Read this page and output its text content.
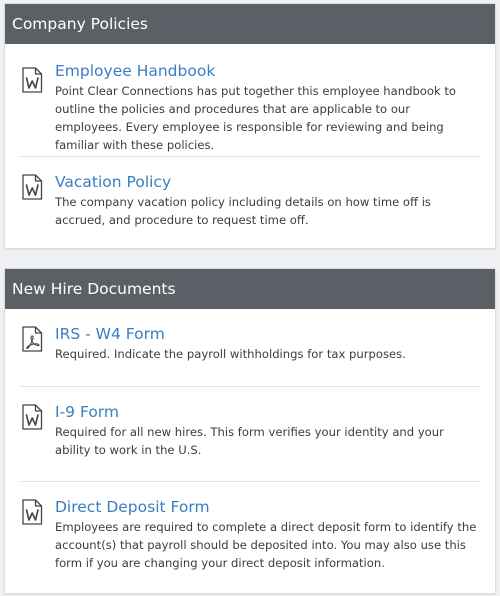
Company Policies
Employee Handbook
Point Clear Connections has put together this employee handbook to outline the policies and procedures that are applicable to our employees. Every employee is responsible for reviewing and being familiar with these policies.
Vacation Policy
The company vacation policy including details on how time off is accrued, and procedure to request time off.
New Hire Documents
IRS - W4 Form
Required. Indicate the payroll withholdings for tax purposes.
I-9 Form
Required for all new hires. This form verifies your identity and your ability to work in the U.S.
Direct Deposit Form
Employees are required to complete a direct deposit form to identify the account(s) that payroll should be deposited into. You may also use this form if you are changing your direct deposit information.
